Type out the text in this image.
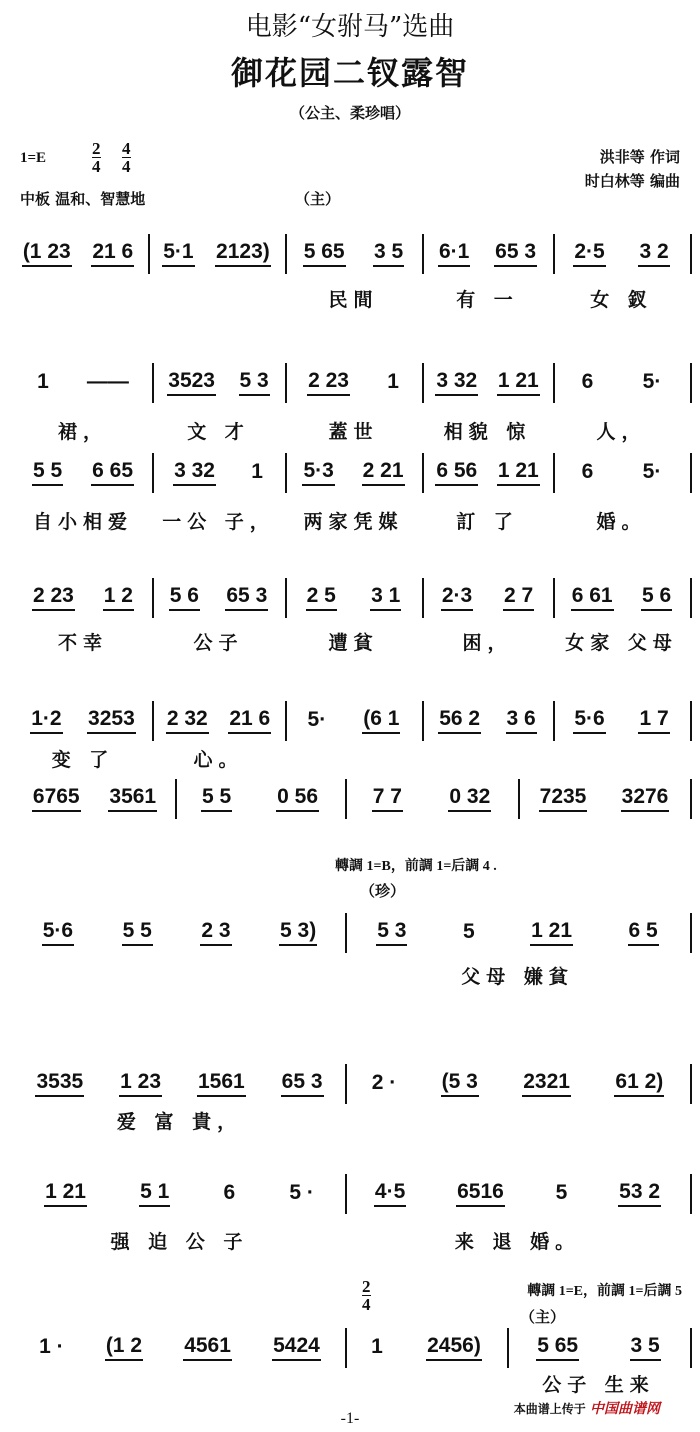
电影“女驸马”选曲
御花园二钗露智
（公主、柔珍唱）
1=E	$\frac{2}{4} \frac{4}{4}$	洪非等 作词
时白林等 编曲
中板 温和、智慧地	（主）
轉調 1=B，前調 1=后調 4 .
（珍）
$\frac{2}{4}$	轉調 1=E，前調 1=后調 5
（主）
(1 23 21 6 5·1 2123) 5 65 3 5
民間
6·1 65 3
有 一
2·5 3 2
女 釵
1 ——
裙，
3523 5 3
文 才
2 23 1
蓋世
3 32 1 21
相貌 惊
6 5·
人，
5 5 6 65
自小相爱
3 32 1
一公 子，
5·3 2 21
两家凭媒
6 56 1 21
訂 了
6 5·
婚。
2 23 1 2
不幸
5 6 65 3
公子
2 5 3 1
遭貧
2·3 2 7
困，
6 61 5 6
女家 父母
1·2 3253
变 了
2 32 21 6
心。
5· (6 1 56 2 3 6 5·6 1 7
6765 3561 5 5 0 56	7 7 0 32 7235 3276
5·6 5 5 2 3 5 3)	5 3	5	1 21	6 5
父母 嫌貧
3535 1 23 1561 65 3
爱 富 貴，
2 · (5 3 2321 61 2)
1 21	5 1	6	5 ·
强 迫 公 子
4·5 6516 5 53 2
来 退 婚。
1 · (1 2 4561 5424 1 2456)	5 65 3 5
公子 生来
本曲谱上传于 中国曲谱网
-1-
